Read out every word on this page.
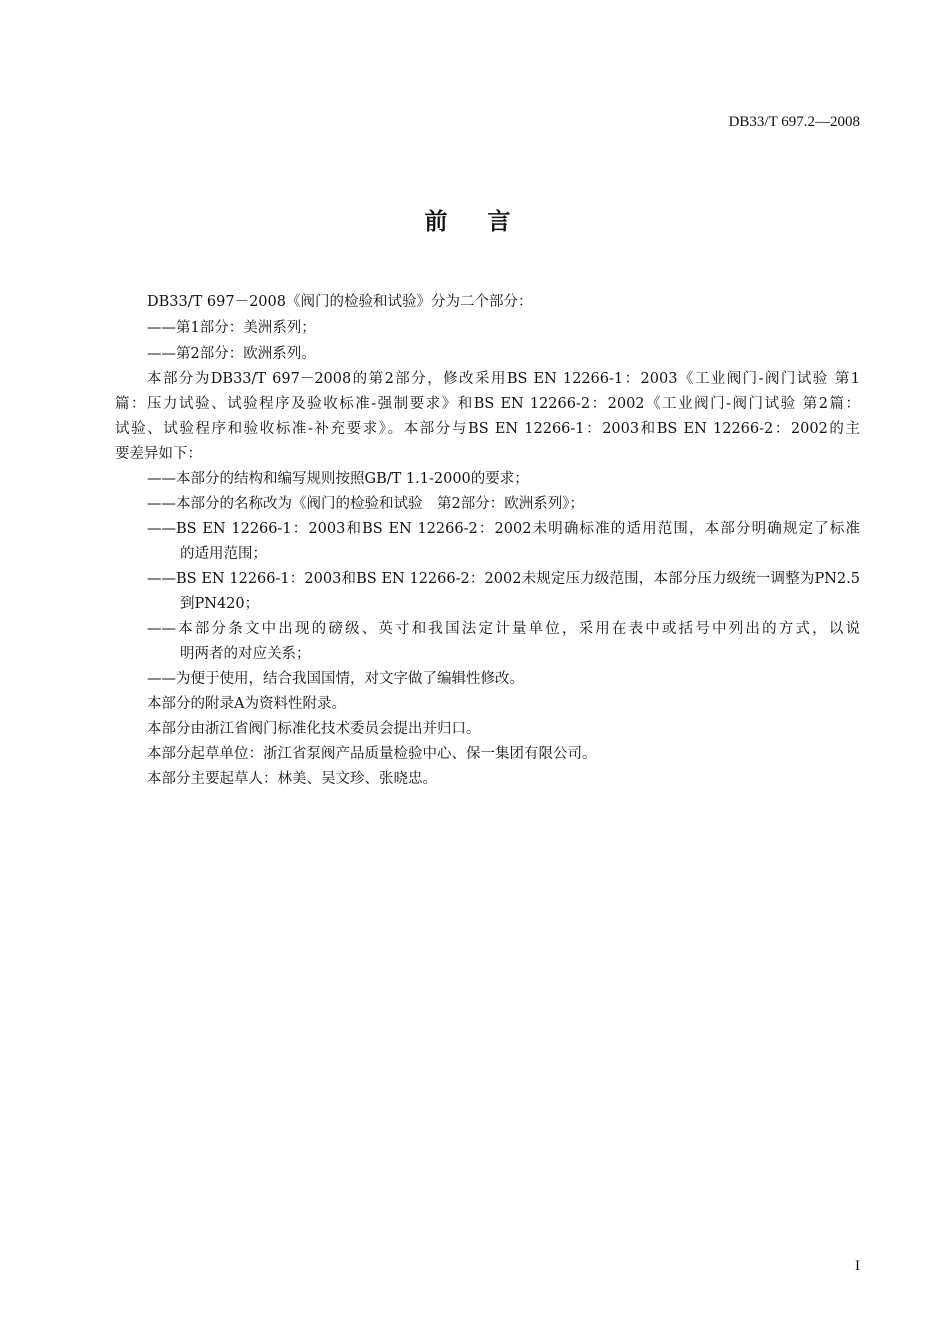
DB33/T 697.2—2008
前言
DB33/T 697－2008《阀门的检验和试验》分为二个部分：
——第1部分：美洲系列；
——第2部分：欧洲系列。
本部分为DB33/T 697－2008的第2部分，修改采用BS EN 12266-1：2003《工业阀门-阀门试验 第1
篇：压力试验、试验程序及验收标准-强制要求》和BS EN 12266-2：2002《工业阀门-阀门试验 第2篇：
试验、试验程序和验收标准-补充要求》。本部分与BS EN 12266-1：2003和BS EN 12266-2：2002的主
要差异如下：
——本部分的结构和编写规则按照GB/T 1.1-2000的要求；
——本部分的名称改为《阀门的检验和试验　第2部分：欧洲系列》；
——BS EN 12266-1：2003和BS EN 12266-2：2002未明确标准的适用范围，本部分明确规定了标准
的适用范围；
——BS EN 12266-1：2003和BS EN 12266-2：2002未规定压力级范围，本部分压力级统一调整为PN2.5
到PN420；
——本部分条文中出现的磅级、英寸和我国法定计量单位，采用在表中或括号中列出的方式，以说
明两者的对应关系；
——为便于使用，结合我国国情，对文字做了编辑性修改。
本部分的附录A为资料性附录。
本部分由浙江省阀门标准化技术委员会提出并归口。
本部分起草单位：浙江省泵阀产品质量检验中心、保一集团有限公司。
本部分主要起草人：林美、吴文珍、张晓忠。
I
